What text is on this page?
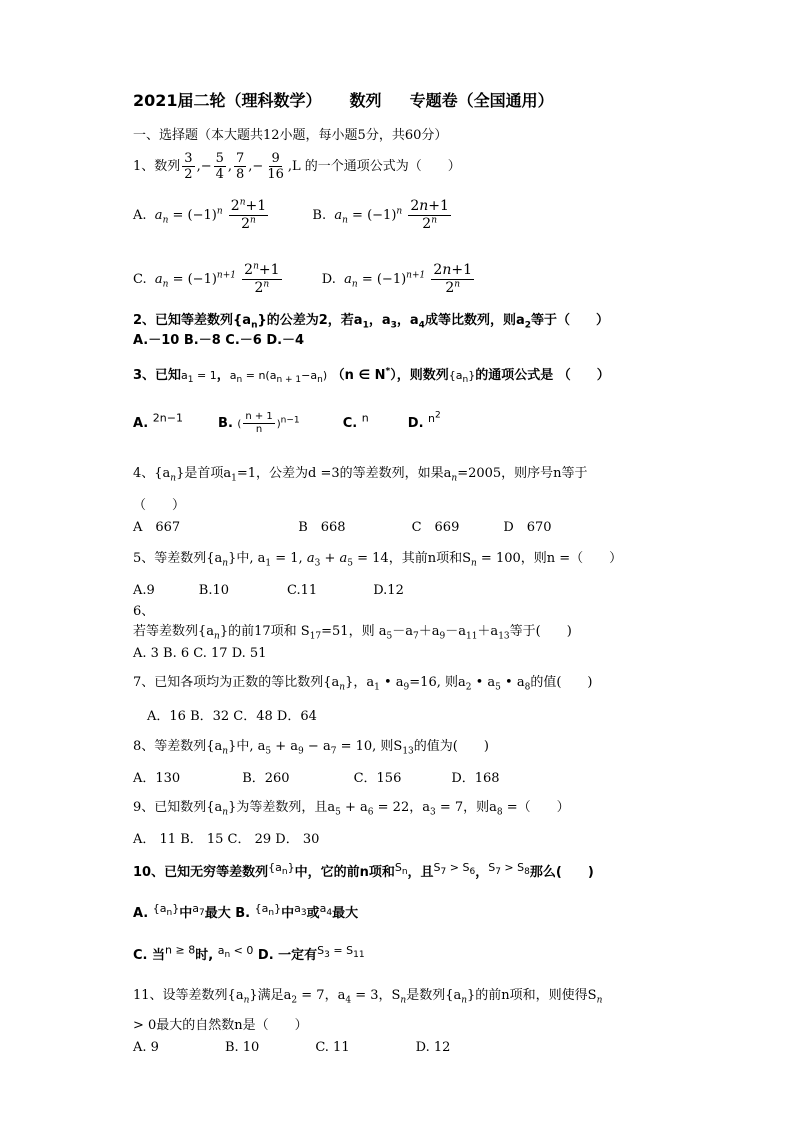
2021届二轮（理科数学） 数列 专题卷（全国通用）
一、选择题（本大题共12小题，每小题5分，共60分）
1、数列 $\frac{3}{2}$ ,− $\frac{5}{4}$ , $\frac{7}{8}$ ,− $\frac{9}{16} ,L$ 的一个通项公式为（　　）
A. $a_n = (-1)^n \frac{2^n+1}{2^n}$	B. $a_n = (-1)^n \frac{2n+1}{2^n}$
C. $a_n = (-1)^{n+1} \frac{2^n+1}{2^n}$	D. $a_n = (-1)^{n+1} \frac{2n+1}{2^n}$
2、已知等差数列$\{a_n\}$的公差为2，若$a_1$，$a_3$，$a_4$成等比数列，则$a_2$等于（　　）
A.－10 B.－8 C.－6 D.－4
3、已知$a_1 = 1$，$a_n = n(a_{n + 1}-a_n)$ （n ∈ N*），则数列$\{a_n\}$的通项公式是 （　　）
A. $^{2n-1}$	B. ( $\frac{n + 1}{n} )^{n-1}$	C. $^n$	D. $^{n^2}$
4、$\{a_n\}$是首项$a_1=1$，公差为d =3的等差数列，如果$a_n=2005$，则序号n等于
（　　）
A　667	B　668	C　669	D　670
5、等差数列$\{a_n\}$中, $a_1 = 1$, $a_3 + a_5 = 14$，其前n项和$S_n = 100$，则n =（　　）
A.9	B.10	C.11	D.12
6、
若等差数列$\{a_n\}$的前17项和 $S_{17}=51$，则 $a_5-a_7+a_9-a_{11}+a_{13}$等于(　　)
A. 3 B. 6 C. 17 D. 51
7、已知各项均为正数的等比数列$\{a_n\}$，$a_1$ • $a_9=16$, 则$a_2$ • $a_5$ • $a_8$的值(　　)
A．16 B．32 C．48 D．64
8、等差数列$\{a_n\}$中, $a_5 + a_9 - a_7 = 10$, 则$S_{13}$的值为(　　)
A．130	B．260	C．156	D．168
9、已知数列$\{a_n\}$为等差数列，且$a_5 + a_6 = 22$，$a_3 = 7$，则$a_8$ =（　　）
A． 11 B． 15 C． 29 D． 30
10、已知无穷等差数列$^{\{a_n\}}$中，它的前n项和$^{S_n}$，且$^{S_7 > S_6}$，$^{S_7 > S_8}$那么(　　)
A. $^{\{a_n\}}$中$^{a_7}$最大 B. $^{\{a_n\}}$中$^{a_3}$或$^{a_4}$最大
C. 当$^{n \ge 8}$时, $^{a_n < 0}$ D. 一定有$^{S_3 = S_{11}}$
11、设等差数列$\{a_n\}$满足$a_2 = 7$，$a_4 = 3$，$S_n$是数列$\{a_n\}$的前n项和，则使得$S_n$
> 0最大的自然数n是（　　）
A. 9	B. 10	C. 11	D. 12
